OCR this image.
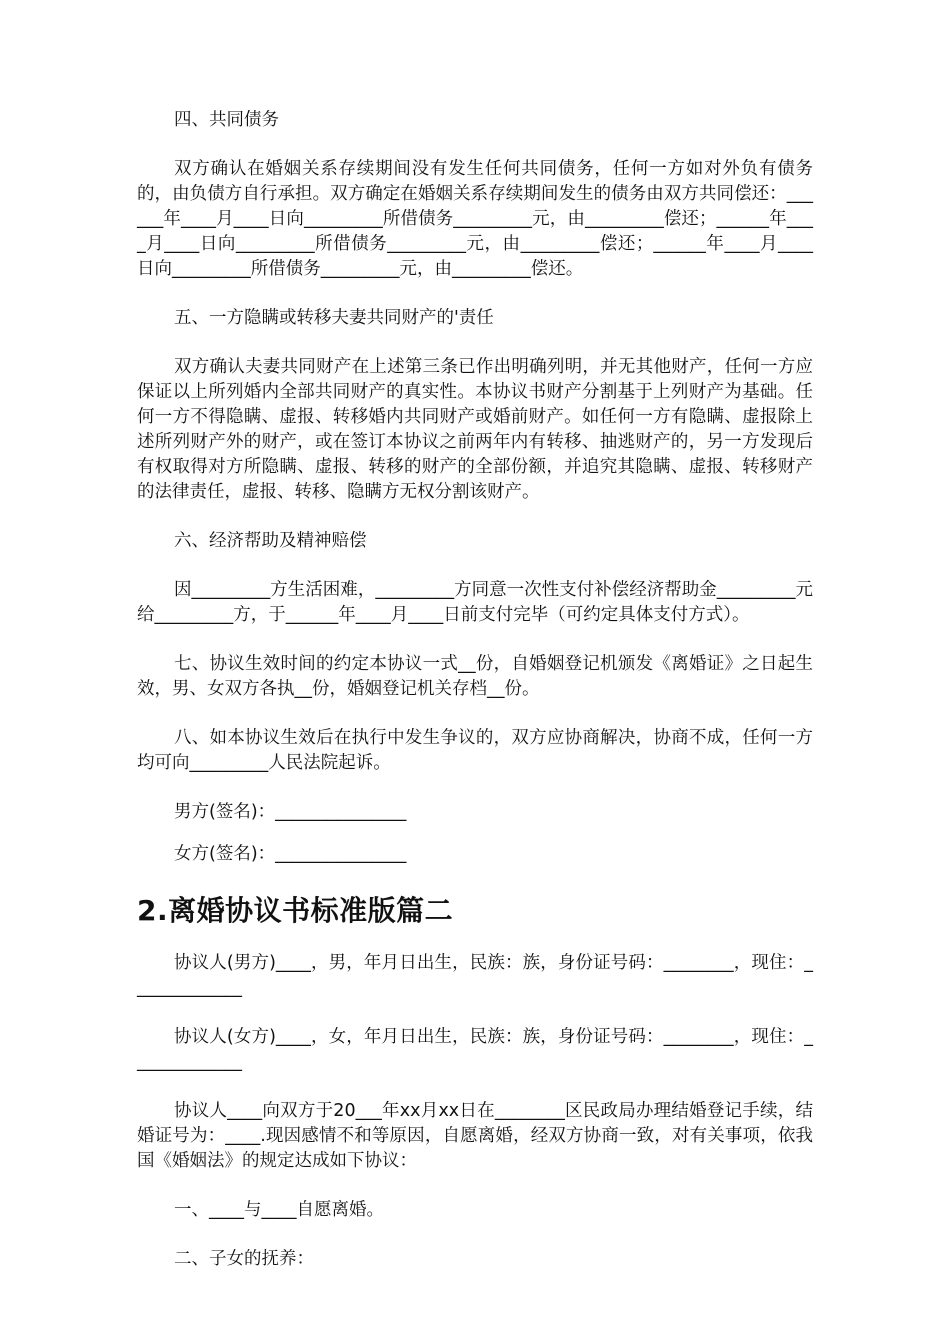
四、共同债务

双方确认在婚姻关系存续期间没有发生任何共同债务，任何一方如对外负有债务的，由负债方自行承担。双方确定在婚姻关系存续期间发生的债务由双方共同偿还：______年____月____日向_________所借债务_________元，由_________偿还；______年____月____日向_________所借债务_________元，由_________偿还；______年____月____日向_________所借债务_________元，由_________偿还。

五、一方隐瞒或转移夫妻共同财产的'责任

双方确认夫妻共同财产在上述第三条已作出明确列明，并无其他财产，任何一方应保证以上所列婚内全部共同财产的真实性。本协议书财产分割基于上列财产为基础。任何一方不得隐瞒、虚报、转移婚内共同财产或婚前财产。如任何一方有隐瞒、虚报除上述所列财产外的财产，或在签订本协议之前两年内有转移、抽逃财产的，另一方发现后有权取得对方所隐瞒、虚报、转移的财产的全部份额，并追究其隐瞒、虚报、转移财产的法律责任，虚报、转移、隐瞒方无权分割该财产。

六、经济帮助及精神赔偿

因_________方生活困难，_________方同意一次性支付补偿经济帮助金_________元给_________方，于______年____月____日前支付完毕（可约定具体支付方式）。

七、协议生效时间的约定本协议一式__份，自婚姻登记机颁发《离婚证》之日起生效，男、女双方各执__份，婚姻登记机关存档__份。

八、如本协议生效后在执行中发生争议的，双方应协商解决，协商不成，任何一方均可向_________人民法院起诉。

男方(签名)：_______________

女方(签名)：_______________

2.离婚协议书标准版篇二

协议人(男方)____，男，年月日出生，民族：族，身份证号码：________，现住：_____________

协议人(女方)____，女，年月日出生，民族：族，身份证号码：________，现住：_____________

协议人____向双方于20___年xx月xx日在________区民政局办理结婚登记手续，结婚证号为：____.现因感情不和等原因，自愿离婚，经双方协商一致，对有关事项，依我国《婚姻法》的规定达成如下协议：

一、____与____自愿离婚。

二、子女的抚养：
